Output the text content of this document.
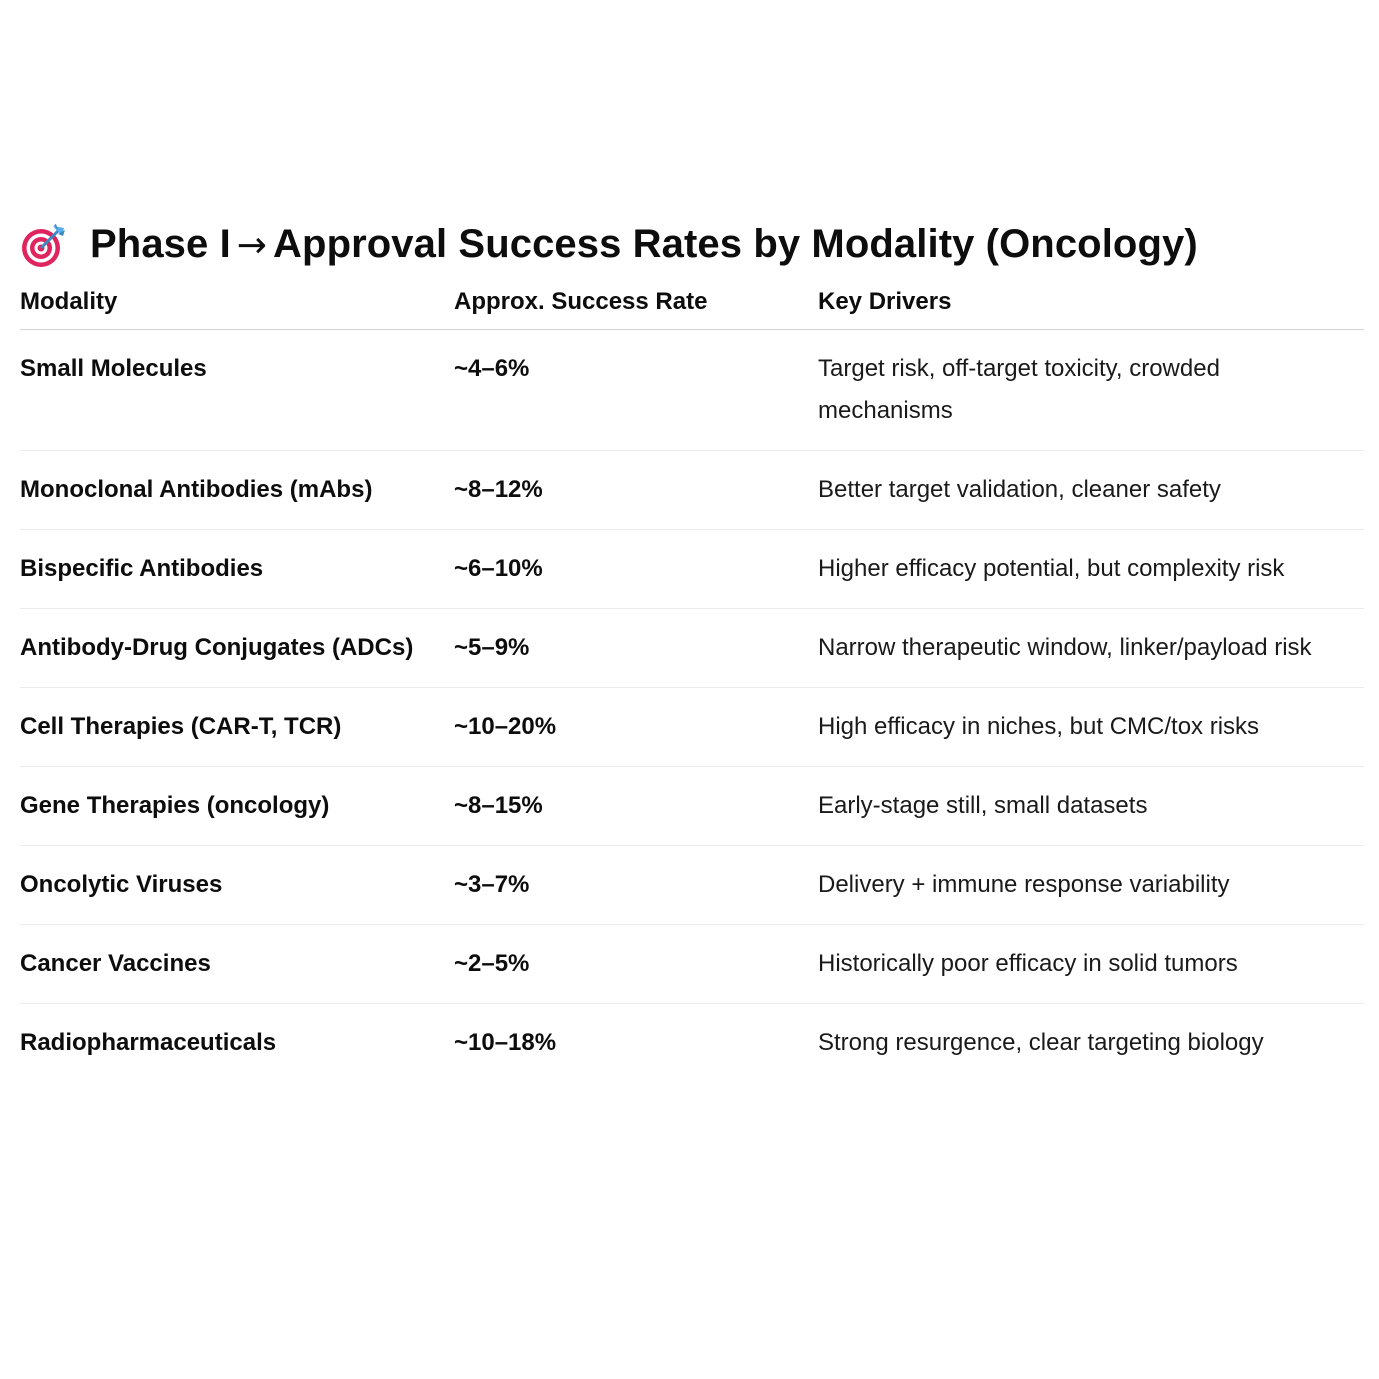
Phase I → Approval Success Rates by Modality (Oncology)
Modality	Approx. Success Rate	Key Drivers
Small Molecules	~4–6%	Target risk, off-target toxicity, crowded mechanisms
Monoclonal Antibodies (mAbs)	~8–12%	Better target validation, cleaner safety
Bispecific Antibodies	~6–10%	Higher efficacy potential, but complexity risk
Antibody-Drug Conjugates (ADCs)	~5–9%	Narrow therapeutic window, linker/payload risk
Cell Therapies (CAR-T, TCR)	~10–20%	High efficacy in niches, but CMC/tox risks
Gene Therapies (oncology)	~8–15%	Early-stage still, small datasets
Oncolytic Viruses	~3–7%	Delivery + immune response variability
Cancer Vaccines	~2–5%	Historically poor efficacy in solid tumors
Radiopharmaceuticals	~10–18%	Strong resurgence, clear targeting biology
